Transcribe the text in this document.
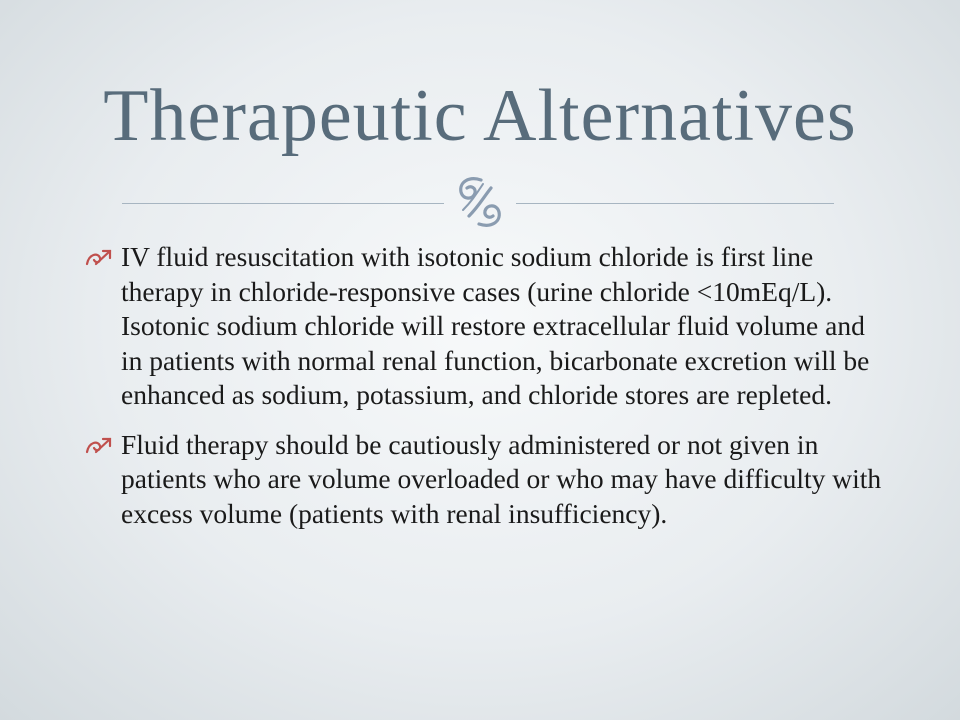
Therapeutic Alternatives
IV fluid resuscitation with isotonic sodium chloride is first line therapy in chloride-responsive cases (urine chloride <10mEq/L). Isotonic sodium chloride will restore extracellular fluid volume and in patients with normal renal function, bicarbonate excretion will be enhanced as sodium, potassium, and chloride stores are repleted.
Fluid therapy should be cautiously administered or not given in patients who are volume overloaded or who may have difficulty with excess volume (patients with renal insufficiency).
